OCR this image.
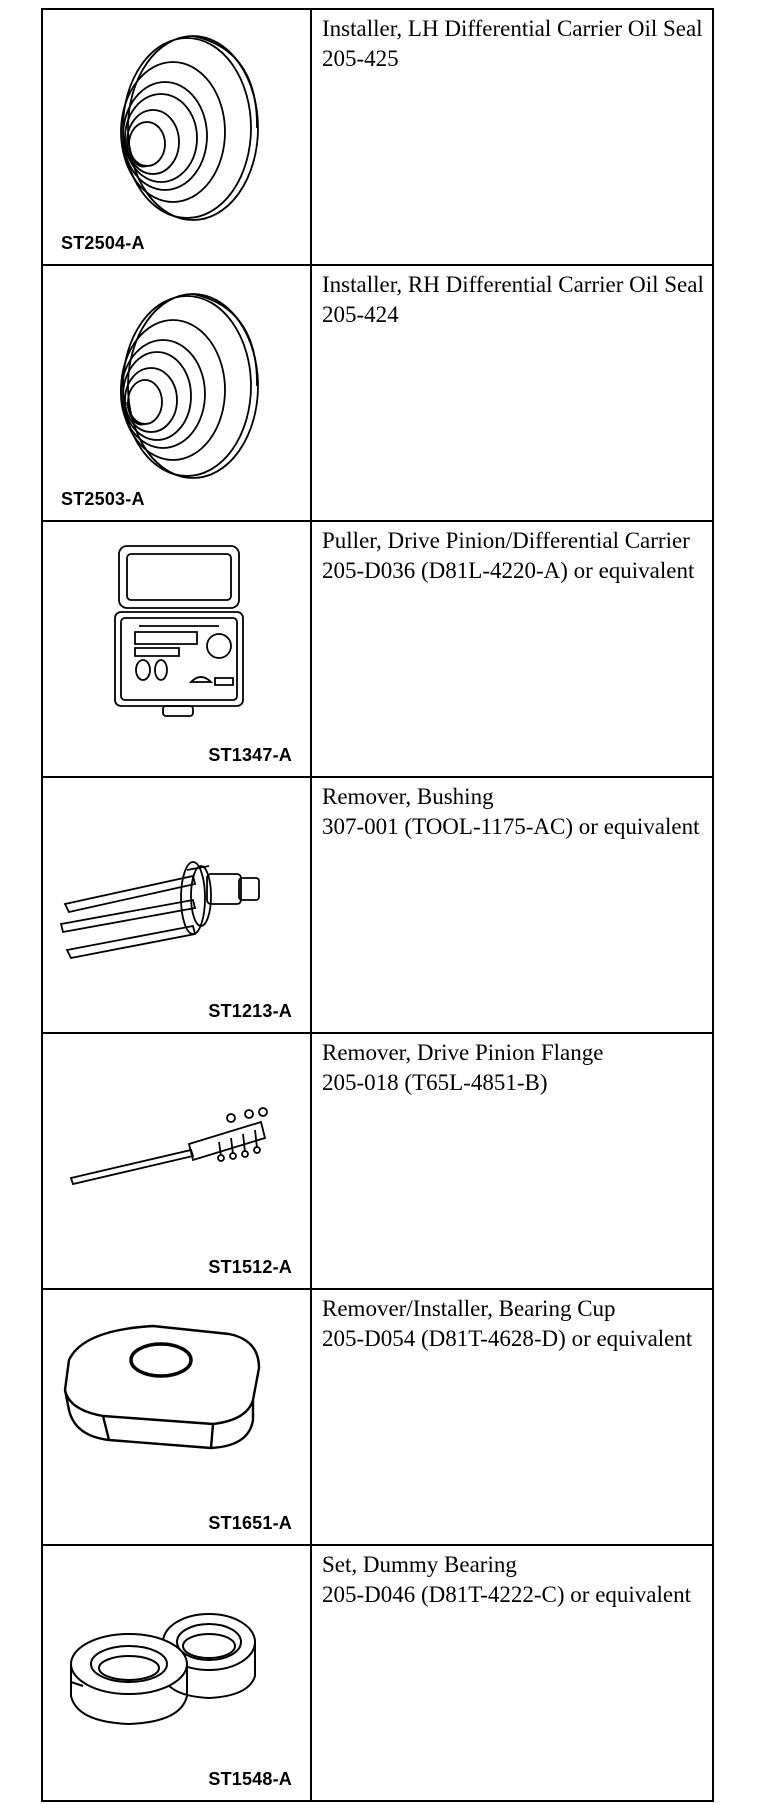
ST2504-A
Installer, LH Differential Carrier Oil Seal
205-425
ST2503-A
Installer, RH Differential Carrier Oil Seal
205-424
ST1347-A
Puller, Drive Pinion/Differential Carrier
205-D036 (D81L-4220-A) or equivalent
ST1213-A
Remover, Bushing
307-001 (TOOL-1175-AC) or equivalent
ST1512-A
Remover, Drive Pinion Flange
205-018 (T65L-4851-B)
ST1651-A
Remover/Installer, Bearing Cup
205-D054 (D81T-4628-D) or equivalent
ST1548-A
Set, Dummy Bearing
205-D046 (D81T-4222-C) or equivalent
